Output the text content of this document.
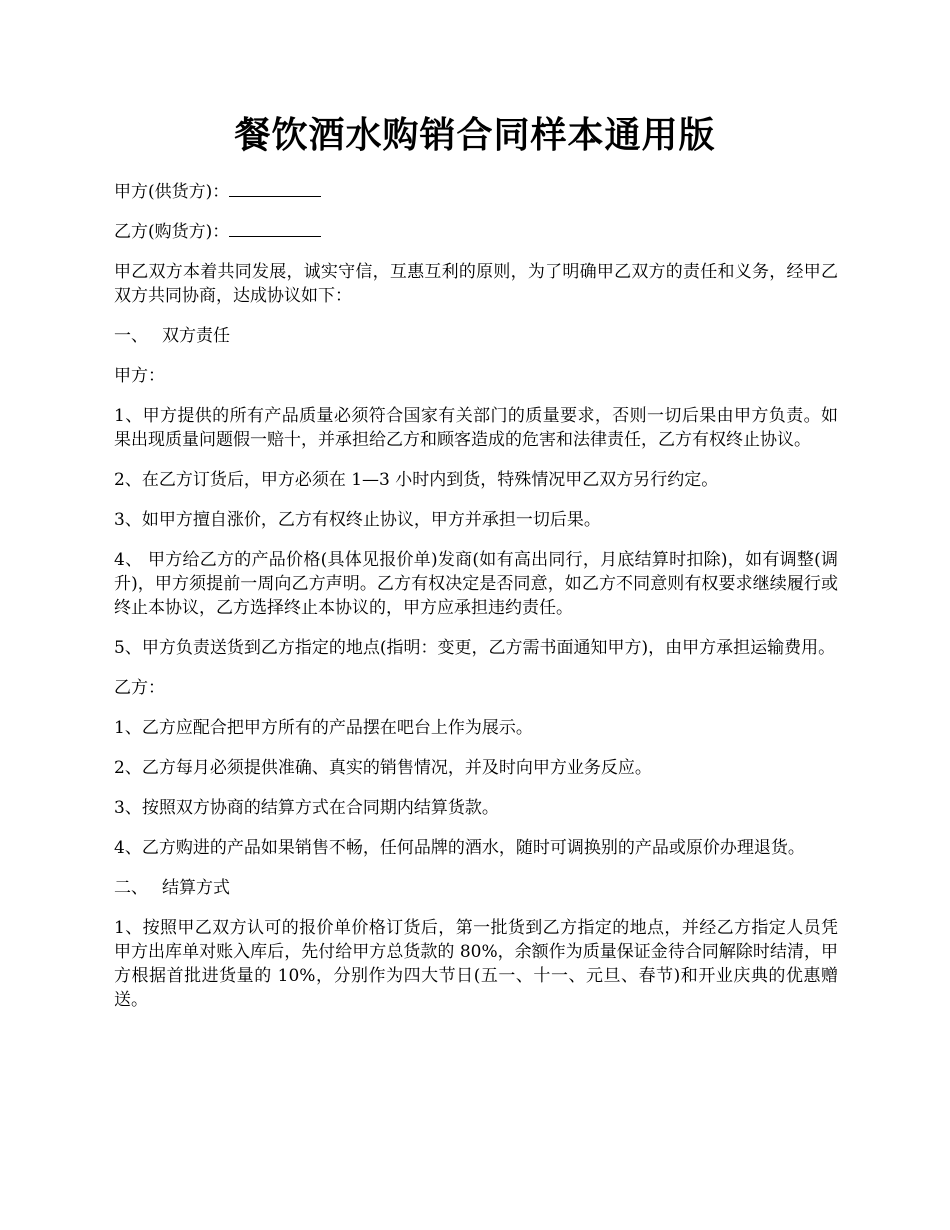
餐饮酒水购销合同样本通用版

甲方(供货方)：

乙方(购货方)：

甲乙双方本着共同发展，诚实守信，互惠互利的原则，为了明确甲乙双方的责任和义务，经甲乙双方共同协商，达成协议如下：

一、 双方责任

甲方：

1、甲方提供的所有产品质量必须符合国家有关部门的质量要求，否则一切后果由甲方负责。如果出现质量问题假一赔十，并承担给乙方和顾客造成的危害和法律责任，乙方有权终止协议。

2、在乙方订货后，甲方必须在 1—3 小时内到货，特殊情况甲乙双方另行约定。

3、如甲方擅自涨价，乙方有权终止协议，甲方并承担一切后果。

4、 甲方给乙方的产品价格(具体见报价单)发商(如有高出同行，月底结算时扣除)，如有调整(调升)，甲方须提前一周向乙方声明。乙方有权决定是否同意，如乙方不同意则有权要求继续履行或终止本协议，乙方选择终止本协议的，甲方应承担违约责任。

5、甲方负责送货到乙方指定的地点(指明：变更，乙方需书面通知甲方)，由甲方承担运输费用。

乙方：

1、乙方应配合把甲方所有的产品摆在吧台上作为展示。

2、乙方每月必须提供准确、真实的销售情况，并及时向甲方业务反应。

3、按照双方协商的结算方式在合同期内结算货款。

4、乙方购进的产品如果销售不畅，任何品牌的酒水，随时可调换别的产品或原价办理退货。

二、 结算方式

1、按照甲乙双方认可的报价单价格订货后，第一批货到乙方指定的地点，并经乙方指定人员凭甲方出库单对账入库后，先付给甲方总货款的 80%，余额作为质量保证金待合同解除时结清，甲方根据首批进货量的 10%，分别作为四大节日(五一、十一、元旦、春节)和开业庆典的优惠赠送。
